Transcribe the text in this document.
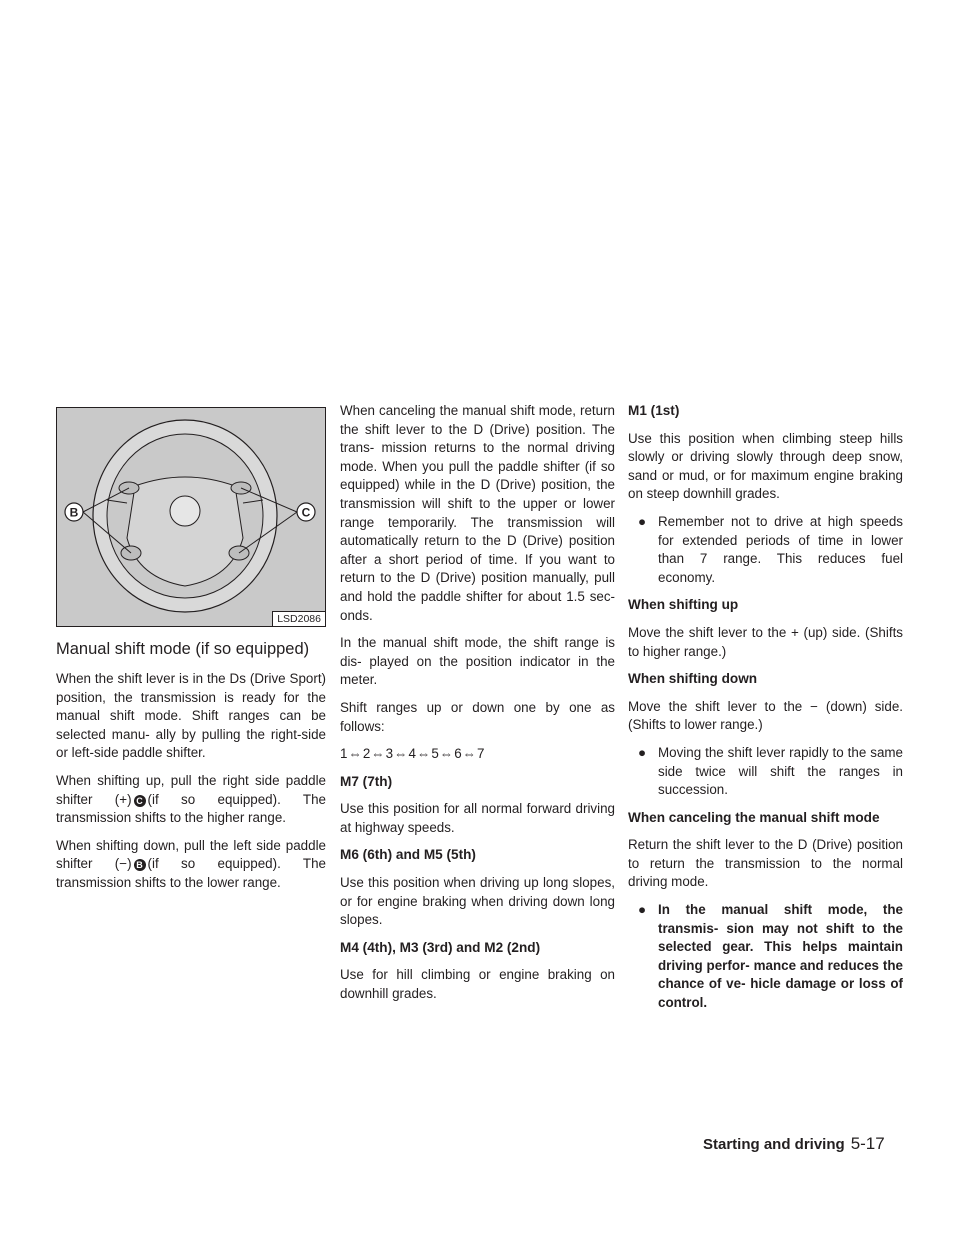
B	C
LSD2086
Manual shift mode (if so equipped)

When the shift lever is in the Ds (Drive Sport) position, the transmission is ready for the manual shift mode. Shift ranges can be selected manu- ally by pulling the right-side or left-side paddle shifter.

When shifting up, pull the right side paddle shifter (+) C (if so equipped). The transmission shifts to the higher range.

When shifting down, pull the left side paddle shifter (−) B (if so equipped). The transmission shifts to the lower range.

When canceling the manual shift mode, return the shift lever to the D (Drive) position. The trans- mission returns to the normal driving mode. When you pull the paddle shifter (if so equipped) while in the D (Drive) position, the transmission will shift to the upper or lower range temporarily. The transmission will automatically return to the D (Drive) position after a short period of time. If you want to return to the D (Drive) position manually, pull and hold the paddle shifter for about 1.5 sec- onds.

In the manual shift mode, the shift range is dis- played on the position indicator in the meter.

Shift ranges up or down one by one as follows:

1⇔2⇔3⇔4⇔5⇔6⇔7

M7 (7th)

Use this position for all normal forward driving at highway speeds.

M6 (6th) and M5 (5th)

Use this position when driving up long slopes, or for engine braking when driving down long slopes.

M4 (4th), M3 (3rd) and M2 (2nd)

Use for hill climbing or engine braking on downhill grades.

M1 (1st)

Use this position when climbing steep hills slowly or driving slowly through deep snow, sand or mud, or for maximum engine braking on steep downhill grades.

● Remember not to drive at high speeds for extended periods of time in lower than 7 range. This reduces fuel economy.
When shifting up

Move the shift lever to the + (up) side. (Shifts to higher range.)

When shifting down

Move the shift lever to the − (down) side. (Shifts to lower range.)

● Moving the shift lever rapidly to the same side twice will shift the ranges in succession.
When canceling the manual shift mode

Return the shift lever to the D (Drive) position to return the transmission to the normal driving mode.

● In the manual shift mode, the transmis- sion may not shift to the selected gear. This helps maintain driving perfor- mance and reduces the chance of ve- hicle damage or loss of control.
Starting and driving 5-17
